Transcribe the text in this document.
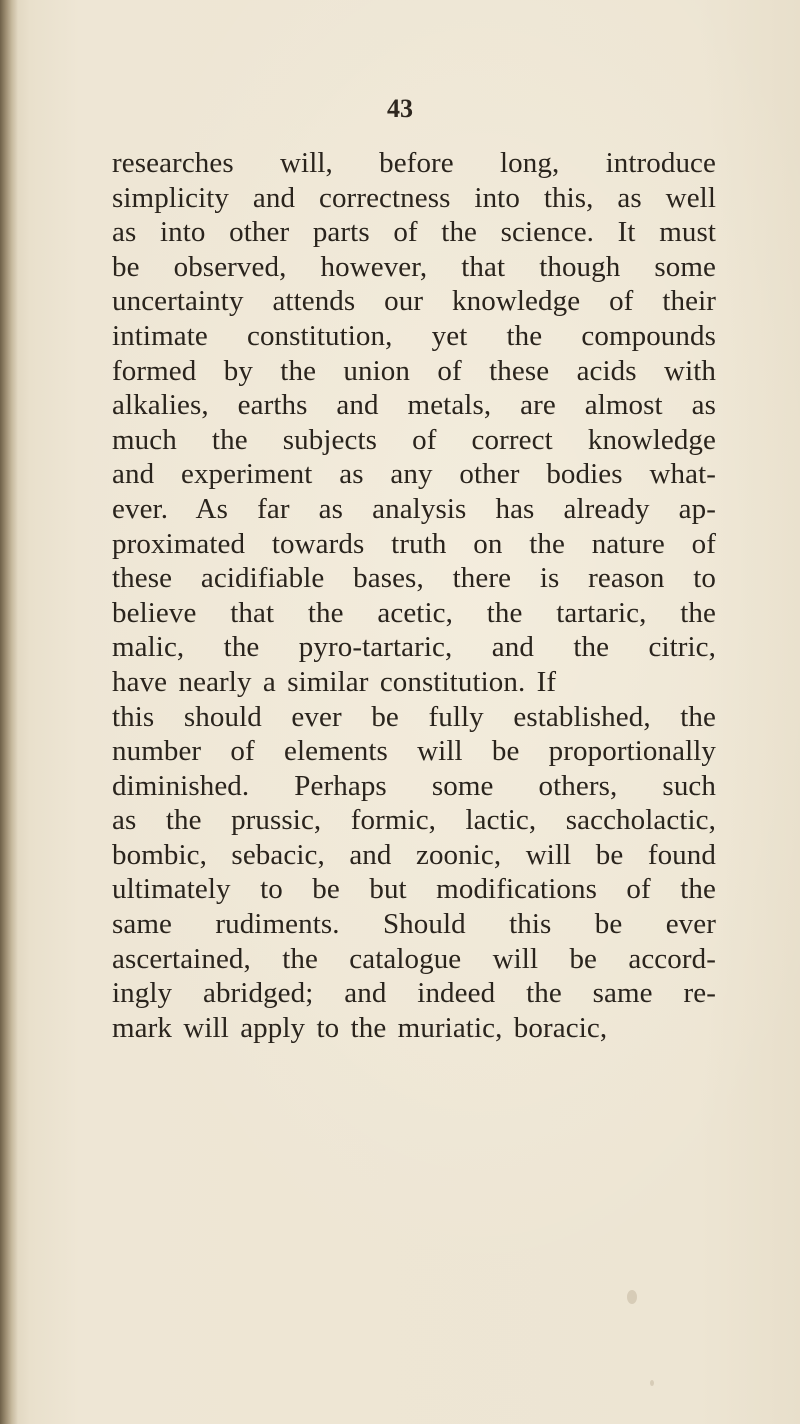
43
researches will, before long, introduce
simplicity and correctness into this, as well
as into other parts of the science. It must
be observed, however, that though some
uncertainty attends our knowledge of their
intimate constitution, yet the compounds
formed by the union of these acids with
alkalies, earths and metals, are almost as
much the subjects of correct knowledge
and experiment as any other bodies what-
ever. As far as analysis has already ap-
proximated towards truth on the nature of
these acidifiable bases, there is reason to
believe that the acetic, the tartaric, the
malic, the pyro-tartaric, and the citric,
have nearly a similar constitution. If
this should ever be fully established, the
number of elements will be proportionally
diminished. Perhaps some others, such
as the prussic, formic, lactic, saccholactic,
bombic, sebacic, and zoonic, will be found
ultimately to be but modifications of the
same rudiments. Should this be ever
ascertained, the catalogue will be accord-
ingly abridged; and indeed the same re-
mark will apply to the muriatic, boracic,
